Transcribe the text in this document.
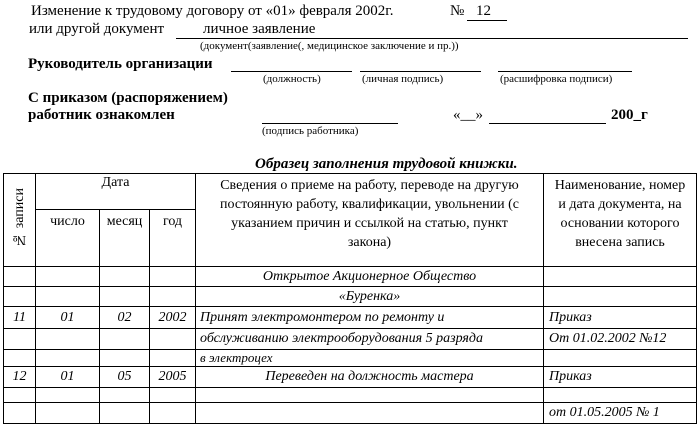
Изменение к трудовому договору от «01» февраля 2002г.	№ 12
или другой документ	личное заявление
(документ(заявление(, медицинское заключение и пр.))
Руководитель организации
(должность)	(личная подпись)	(расшифровка подписи)
С приказом (распоряжением)
работник ознакомлен	«__»	200_г
(подпись работника)
Образец заполнения трудовой книжки.
№ записи	Дата			Сведения о приеме на работу, переводе на другую постоянную работу, квалификации, увольнении (с указанием причин и ссылкой на статью, пункт закона)	Наименование, номер и дата документа, на основании которого внесена запись
	число	месяц	год		
				Открытое Акционерное Общество	
				«Буренка»	
11	01	02	2002	Принят электромонтером по ремонту и	Приказ
				обслуживанию электрооборудования 5 разряда	От 01.02.2002 №12
				в электроцех	
12	01	05	2005	Переведен на должность мастера	Приказ

					от 01.05.2005 № 1
